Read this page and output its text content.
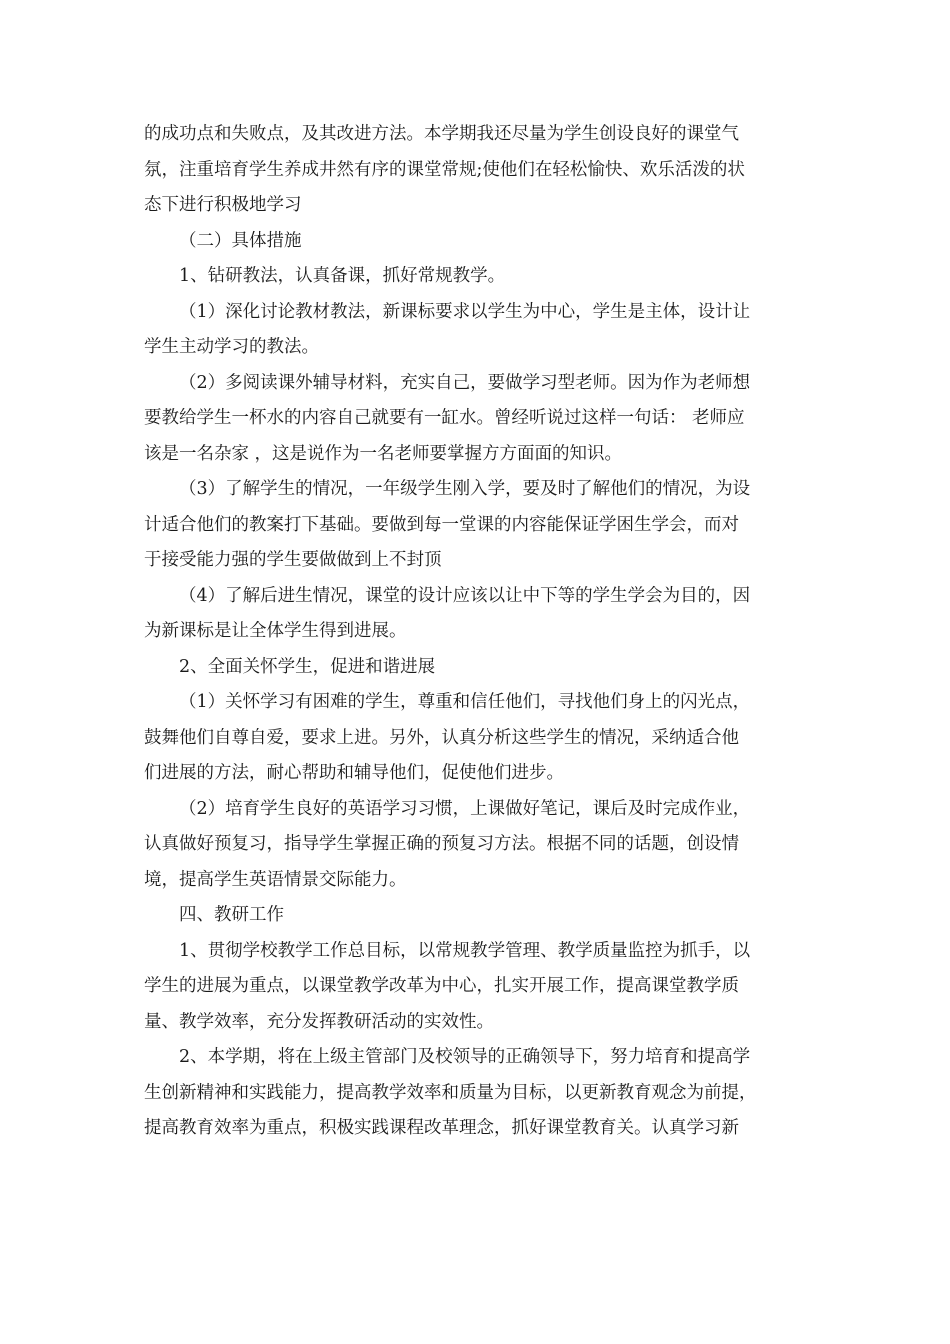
的成功点和失败点，及其改进方法。本学期我还尽量为学生创设良好的课堂气
氛，注重培育学生养成井然有序的课堂常规;使他们在轻松愉快、欢乐活泼的状
态下进行积极地学习
（二）具体措施
1、钻研教法，认真备课，抓好常规教学。
（1）深化讨论教材教法，新课标要求以学生为中心，学生是主体，设计让
学生主动学习的教法。
（2）多阅读课外辅导材料，充实自己，要做学习型老师。因为作为老师想
要教给学生一杯水的内容自己就要有一缸水。曾经听说过这样一句话： 老师应
该是一名杂家 ，这是说作为一名老师要掌握方方面面的知识。
（3）了解学生的情况，一年级学生刚入学，要及时了解他们的情况，为设
计适合他们的教案打下基础。要做到每一堂课的内容能保证学困生学会，而对
于接受能力强的学生要做做到上不封顶
（4）了解后进生情况，课堂的设计应该以让中下等的学生学会为目的，因
为新课标是让全体学生得到进展。
2、全面关怀学生，促进和谐进展
（1）关怀学习有困难的学生，尊重和信任他们，寻找他们身上的闪光点，
鼓舞他们自尊自爱，要求上进。另外，认真分析这些学生的情况，采纳适合他
们进展的方法，耐心帮助和辅导他们，促使他们进步。
（2）培育学生良好的英语学习习惯，上课做好笔记，课后及时完成作业，
认真做好预复习，指导学生掌握正确的预复习方法。根据不同的话题，创设情
境，提高学生英语情景交际能力。
四、教研工作
1、贯彻学校教学工作总目标，以常规教学管理、教学质量监控为抓手，以
学生的进展为重点，以课堂教学改革为中心，扎实开展工作，提高课堂教学质
量、教学效率，充分发挥教研活动的实效性。
2、本学期，将在上级主管部门及校领导的正确领导下，努力培育和提高学
生创新精神和实践能力，提高教学效率和质量为目标，以更新教育观念为前提，
提高教育效率为重点，积极实践课程改革理念，抓好课堂教育关。认真学习新
